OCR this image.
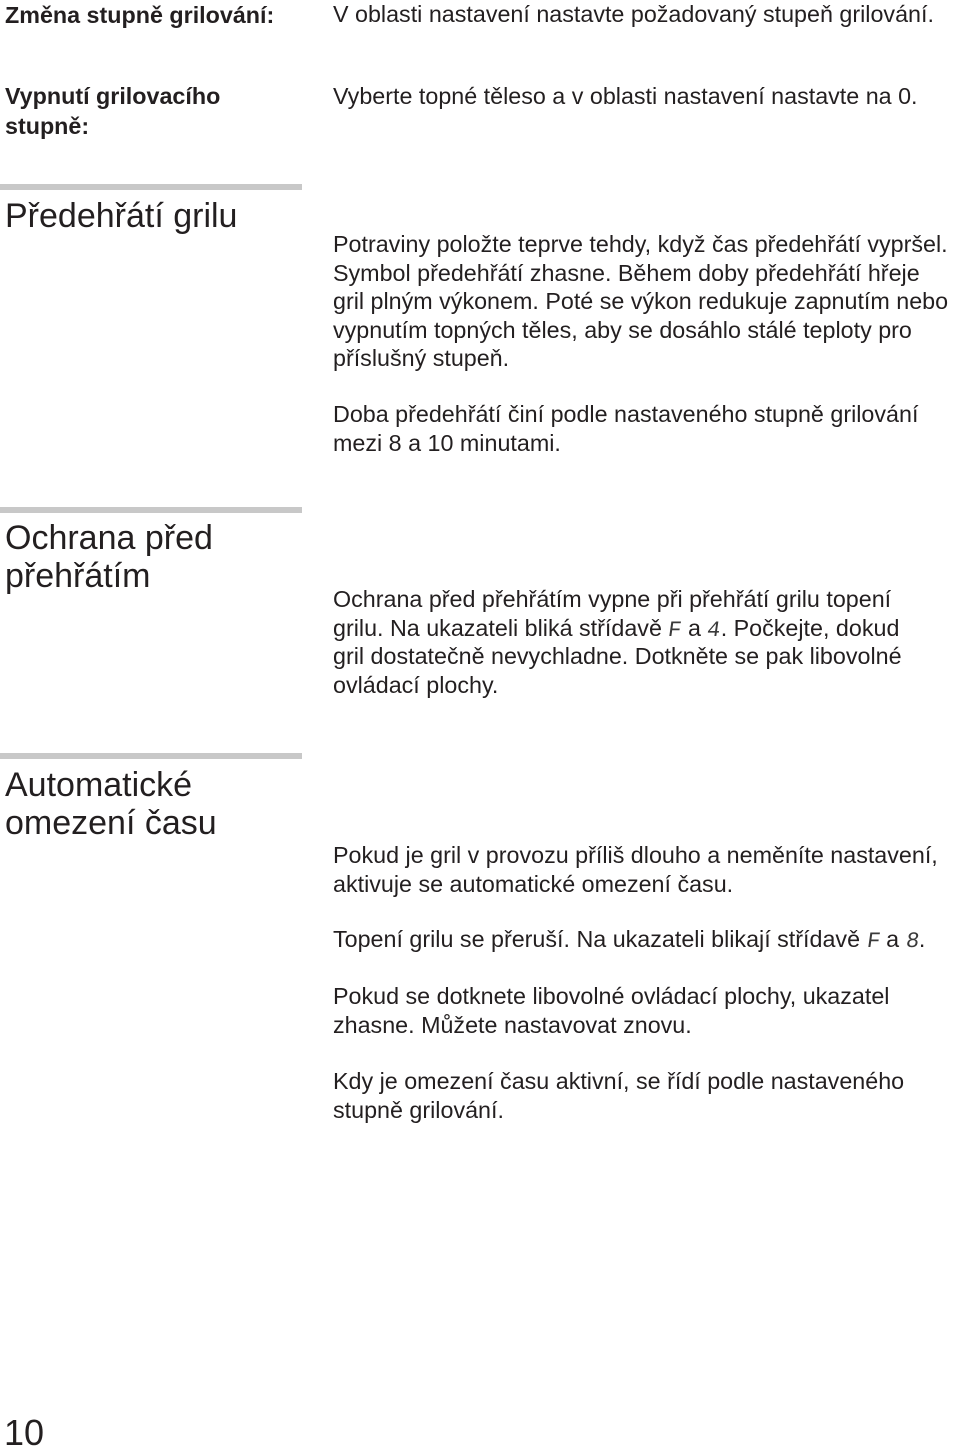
Změna stupně grilování:	V oblasti nastavení nastavte požadovaný stupeň grilování.
Vypnutí grilovacího
stupně:
Vyberte topné těleso a v oblasti nastavení nastavte na 0.
Předehřátí grilu
Potraviny položte teprve tehdy, když čas předehřátí vypršel.
Symbol předehřátí zhasne. Během doby předehřátí hřeje
gril plným výkonem. Poté se výkon redukuje zapnutím nebo
vypnutím topných těles, aby se dosáhlo stálé teploty pro
příslušný stupeň.
Doba předehřátí činí podle nastaveného stupně grilování
mezi 8 a 10 minutami.
Ochrana před
přehřátím
Ochrana před přehřátím vypne při přehřátí grilu topení
grilu. Na ukazateli bliká střídavě F a 4. Počkejte, dokud
gril dostatečně nevychladne. Dotkněte se pak libovolné
ovládací plochy.
Automatické
omezení času
Pokud je gril v provozu příliš dlouho a neměníte nastavení,
aktivuje se automatické omezení času.
Topení grilu se přeruší. Na ukazateli blikají střídavě F a 8.
Pokud se dotknete libovolné ovládací plochy, ukazatel
zhasne. Můžete nastavovat znovu.
Kdy je omezení času aktivní, se řídí podle nastaveného
stupně grilování.
10
